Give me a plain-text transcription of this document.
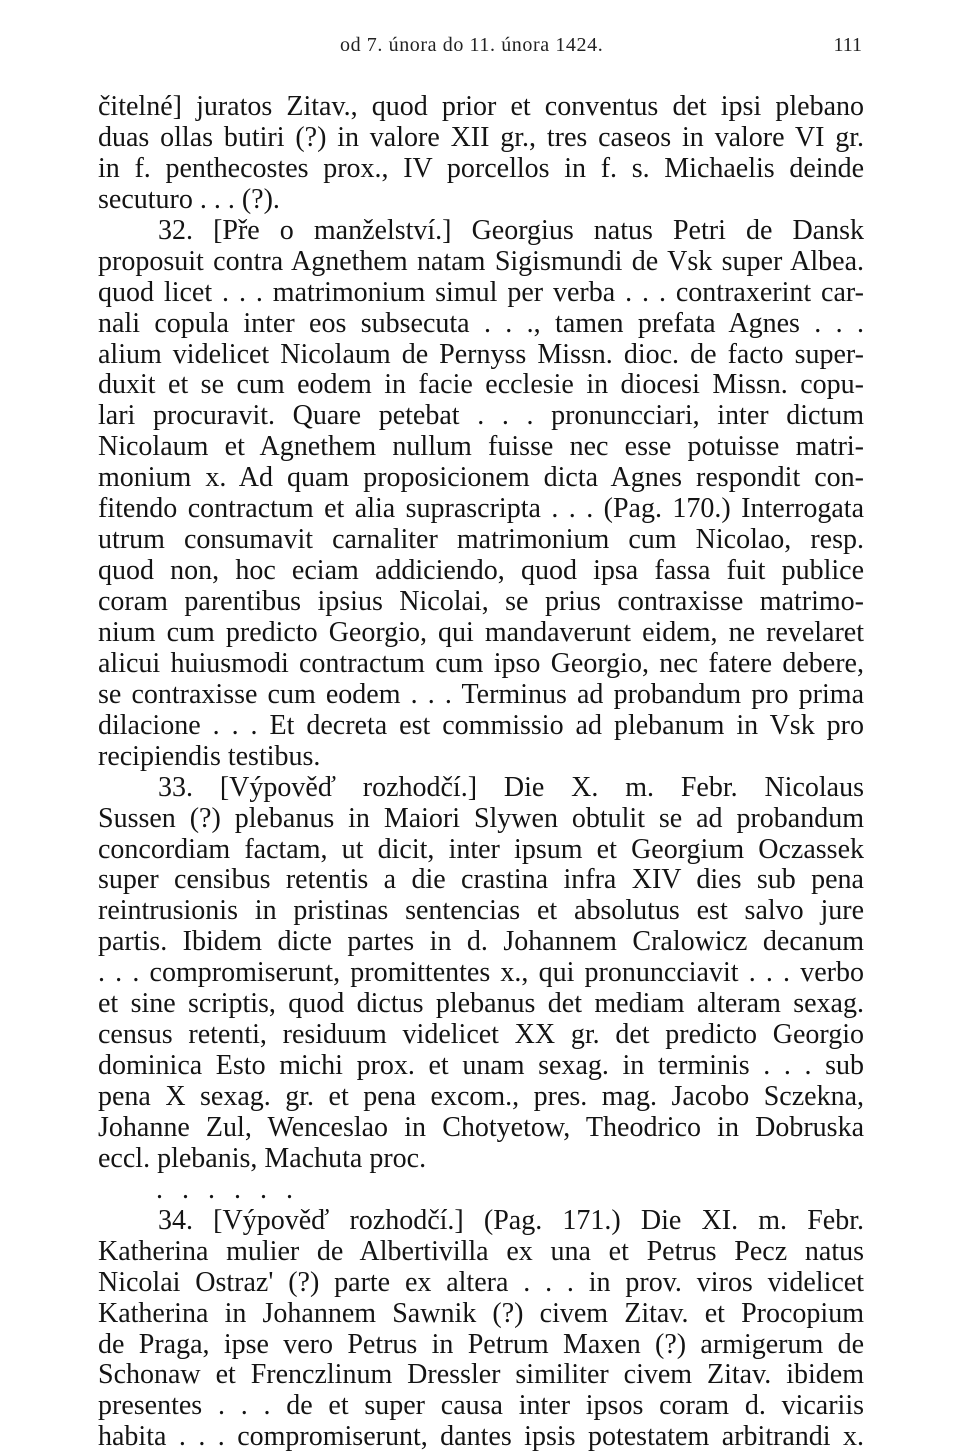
od 7. února do 11. února 1424.	111
čitelné] juratos Zitav., quod prior et conventus det ipsi plebano
duas ollas butiri (?) in valore XII gr., tres caseos in valore VI gr.
in f. penthecostes prox., IV porcellos in f. s. Michaelis deinde
secuturo . . . (?).
32. [Pře o manželství.] Georgius natus Petri de Dansk
proposuit contra Agnethem natam Sigismundi de Vsk super Albea.
quod licet . . . matrimonium simul per verba . . . contraxerint car-
nali copula inter eos subsecuta . . ., tamen prefata Agnes . . .
alium videlicet Nicolaum de Pernyss Missn. dioc. de facto super-
duxit et se cum eodem in facie ecclesie in diocesi Missn. copu-
lari procuravit. Quare petebat . . . pronuncciari, inter dictum
Nicolaum et Agnethem nullum fuisse nec esse potuisse matri-
monium x. Ad quam proposicionem dicta Agnes respondit con-
fitendo contractum et alia suprascripta . . . (Pag. 170.) Interrogata
utrum consumavit carnaliter matrimonium cum Nicolao, resp.
quod non, hoc eciam addiciendo, quod ipsa fassa fuit publice
coram parentibus ipsius Nicolai, se prius contraxisse matrimo-
nium cum predicto Georgio, qui mandaverunt eidem, ne revelaret
alicui huiusmodi contractum cum ipso Georgio, nec fatere debere,
se contraxisse cum eodem . . . Terminus ad probandum pro prima
dilacione . . . Et decreta est commissio ad plebanum in Vsk pro
recipiendis testibus.
33. [Výpověď rozhodčí.] Die X. m. Febr. Nicolaus
Sussen (?) plebanus in Maiori Slywen obtulit se ad probandum
concordiam factam, ut dicit, inter ipsum et Georgium Oczassek
super censibus retentis a die crastina infra XIV dies sub pena
reintrusionis in pristinas sentencias et absolutus est salvo jure
partis. Ibidem dicte partes in d. Johannem Cralowicz decanum
. . . compromiserunt, promittentes x., qui pronuncciavit . . . verbo
et sine scriptis, quod dictus plebanus det mediam alteram sexag.
census retenti, residuum videlicet XX gr. det predicto Georgio
dominica Esto michi prox. et unam sexag. in terminis . . . sub
pena X sexag. gr. et pena excom., pres. mag. Jacobo Sczekna,
Johanne Zul, Wenceslao in Chotyetow, Theodrico in Dobruska
eccl. plebanis, Machuta proc.
. . . . . .
34. [Výpověď rozhodčí.] (Pag. 171.) Die XI. m. Febr.
Katherina mulier de Albertivilla ex una et Petrus Pecz natus
Nicolai Ostraz' (?) parte ex altera . . . in prov. viros videlicet
Katherina in Johannem Sawnik (?) civem Zitav. et Procopium
de Praga, ipse vero Petrus in Petrum Maxen (?) armigerum de
Schonaw et Frenczlinum Dressler similiter civem Zitav. ibidem
presentes . . . de et super causa inter ipsos coram d. vicariis
habita . . . compromiserunt, dantes ipsis potestatem arbitrandi x.
